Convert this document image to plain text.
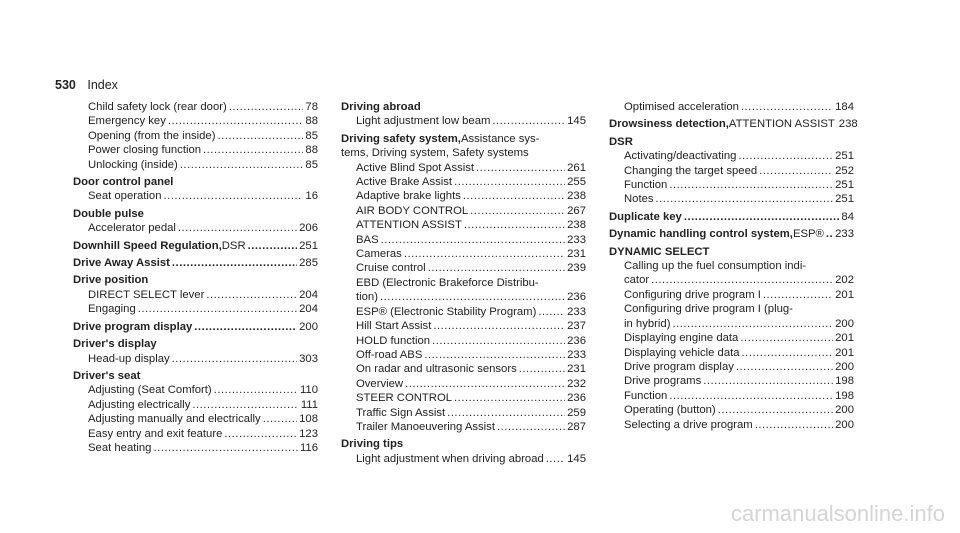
530 Index
Child safety lock (rear door) .....	78
Emergency key .....	88
Opening (from the inside) .....	85
Power closing function .....	88
Unlocking (inside) .....	85
Door control panel
Seat operation .....	16
Double pulse
Accelerator pedal .....	206
Downhill Speed Regulation, DSR .....	251
Drive Away Assist .....	285
Drive position
DIRECT SELECT lever .....	204
Engaging .....	204
Drive program display .....	200
Driver's display
Head-up display .....	303
Driver's seat
Adjusting (Seat Comfort) .....	110
Adjusting electrically .....	111
Adjusting manually and electrically .....	108
Easy entry and exit feature .....	123
Seat heating .....	116
Driving abroad
Light adjustment low beam .....	145
Driving safety system, Assistance sys-
tems, Driving system, Safety systems
Active Blind Spot Assist .....	261
Active Brake Assist .....	255
Adaptive brake lights .....	238
AIR BODY CONTROL .....	267
ATTENTION ASSIST .....	238
BAS .....	233
Cameras .....	231
Cruise control .....	239
EBD (Electronic Brakeforce Distribu-
tion) .....	236
ESP® (Electronic Stability Program) .....	233
Hill Start Assist .....	237
HOLD function .....	236
Off-road ABS .....	233
On radar and ultrasonic sensors .....	231
Overview .....	232
STEER CONTROL .....	236
Traffic Sign Assist .....	259
Trailer Manoeuvering Assist .....	287
Driving tips
Light adjustment when driving abroad ..... 145
Optimised acceleration .....	184
Drowsiness detection, ATTENTION ASSIST 238
DSR
Activating/deactivating .....	251
Changing the target speed .....	252
Function .....	251
Notes .....	251
Duplicate key .....	84
Dynamic handling control system, ESP® ..... 233
DYNAMIC SELECT
Calling up the fuel consumption indi-
cator .....	202
Configuring drive program I .....	201
Configuring drive program I (plug-
in hybrid) .....	200
Displaying engine data .....	201
Displaying vehicle data .....	201
Drive program display .....	200
Drive programs .....	198
Function .....	198
Operating (button) .....	200
Selecting a drive program .....	200
carmanualsonline.info
